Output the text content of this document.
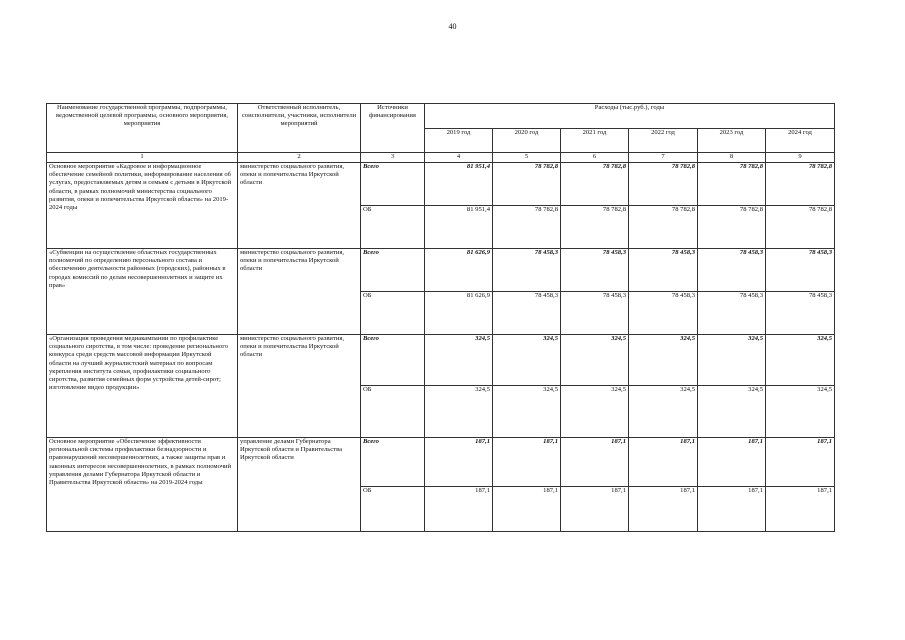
40
Наименование государственной программы, подпрограммы, ведомственной целевой программы, основного мероприятия, мероприятия	Ответственный исполнитель, соисполнители, участники, исполнители мероприятий	Источники финансирования	Расходы (тыс.руб.), годы					
			2019 год	2020 год	2021 год	2022 год	2023 год	2024 год
1	2	3	4	5	6	7	8	9
Основное мероприятие «Кадровое и информационное обеспечение семейной политики, информирование населения об услугах, предоставляемых детям и семьям с детьми в Иркутской области, в рамках полномочий министерства социального развития, опеки и попечительства Иркутской области» на 2019-2024 годы	министерство социального развития, опеки и попечительства Иркутской области	Всего	81 951,4	78 782,8	78 782,8	78 782,8	78 782,8	78 782,8
		ОБ	81 951,4	78 782,8	78 782,8	78 782,8	78 782,8	78 782,8
«Субвенции на осуществление областных государственных полномочий по определению персонального состава и обеспечению деятельности районных (городских), районных в городах комиссий по делам несовершеннолетних и защите их прав»	министерство социального развития, опеки и попечительства Иркутской области	Всего	81 626,9	78 458,3	78 458,3	78 458,3	78 458,3	78 458,3
		ОБ	81 626,9	78 458,3	78 458,3	78 458,3	78 458,3	78 458,3
«Организация проведения медиакампании по профилактике социального сиротства, в том числе: проведение регионального конкурса среди средств массовой информации Иркутской области на лучший журналистский материал по вопросам укрепления института семьи, профилактики социального сиротства, развития семейных форм устройства детей-сирот; изготовление видео продукции»	министерство социального развития, опеки и попечительства Иркутской области	Всего	324,5	324,5	324,5	324,5	324,5	324,5
		ОБ	324,5	324,5	324,5	324,5	324,5	324,5
Основное мероприятие «Обеспечение эффективности региональной системы профилактики безнадзорности и правонарушений несовершеннолетних, а также защиты прав и законных интересов несовершеннолетних, в рамках полномочий управления делами Губернатора Иркутской области и Правительства Иркутской области» на 2019-2024 годы	управление делами Губернатора Иркутской области и Правительства Иркутской области	Всего	187,1	187,1	187,1	187,1	187,1	187,1
		ОБ	187,1	187,1	187,1	187,1	187,1	187,1
